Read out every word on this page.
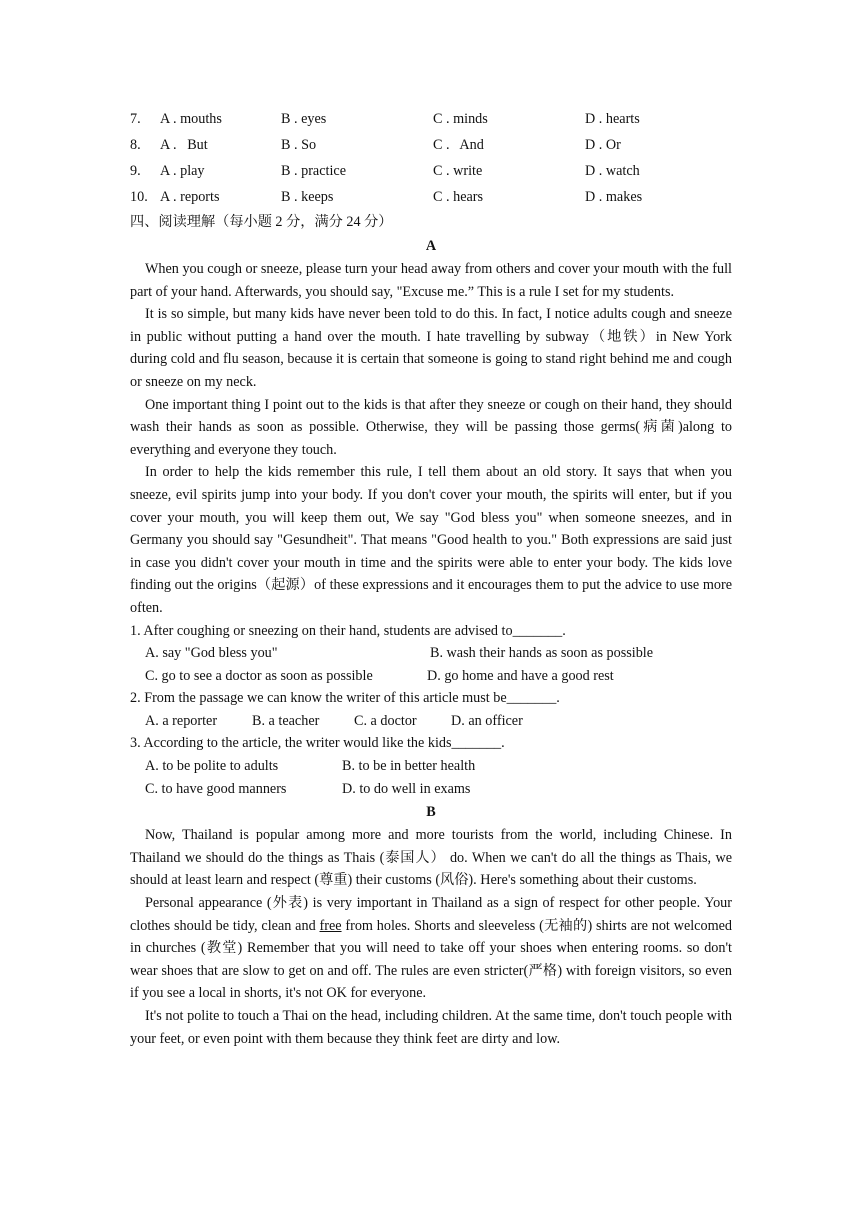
7. A . mouths	B . eyes	C . minds	D . hearts
8. A .   But	B . So	C .   And	D . Or
9. A . play	B . practice	C . write	D . watch
10. A . reports	B . keeps	C . hears	D . makes
四、阅读理解（每小题 2 分，满分 24 分）
A

When you cough or sneeze, please turn your head away from others and cover your mouth with the full part of your hand. Afterwards, you should say, "Excuse me.” This is a rule I set for my students.

It is so simple, but many kids have never been told to do this. In fact, I notice adults cough and sneeze in public without putting a hand over the mouth. I hate travelling by subway（地铁）in New York during cold and flu season, because it is certain that someone is going to stand right behind me and cough or sneeze on my neck.

One important thing I point out to the kids is that after they sneeze or cough on their hand, they should wash their hands as soon as possible. Otherwise, they will be passing those germs(病菌)along to everything and everyone they touch.

In order to help the kids remember this rule, I tell them about an old story. It says that when you sneeze, evil spirits jump into your body. If you don't cover your mouth, the spirits will enter, but if you cover your mouth, you will keep them out, We say "God bless you" when someone sneezes, and in Germany you should say "Gesundheit". That means "Good health to you." Both expressions are said just in case you didn't cover your mouth in time and the spirits were able to enter your body. The kids love finding out the origins（起源）of these expressions and it encourages them to put the advice to use more often.

1. After coughing or sneezing on their hand, students are advised to_______.

A. say "God bless you"	B. wash their hands as soon as possible
C. go to see a doctor as soon as possible	D. go home and have a good rest

2. From the passage we can know the writer of this article must be_______.

A. a reporter B. a teacher C. a doctor D. an officer

3. According to the article, the writer would like the kids_______.

A. to be polite to adults	B. to be in better health
C. to have good manners	D. to do well in exams
B

Now, Thailand is popular among more and more tourists from the world, including Chinese. In Thailand we should do the things as Thais (泰国人） do. When we can't do all the things as Thais, we should at least learn and respect (尊重) their customs (风俗). Here's something about their customs.

Personal appearance (外表) is very important in Thailand as a sign of respect for other people. Your clothes should be tidy, clean and free from holes. Shorts and sleeveless (无袖的) shirts are not welcomed in churches (教堂) Remember that you will need to take off your shoes when entering rooms. so don't wear shoes that are slow to get on and off. The rules are even stricter(严格) with foreign visitors, so even if you see a local in shorts, it's not OK for everyone.

It's not polite to touch a Thai on the head, including children. At the same time, don't touch people with your feet, or even point with them because they think feet are dirty and low.
